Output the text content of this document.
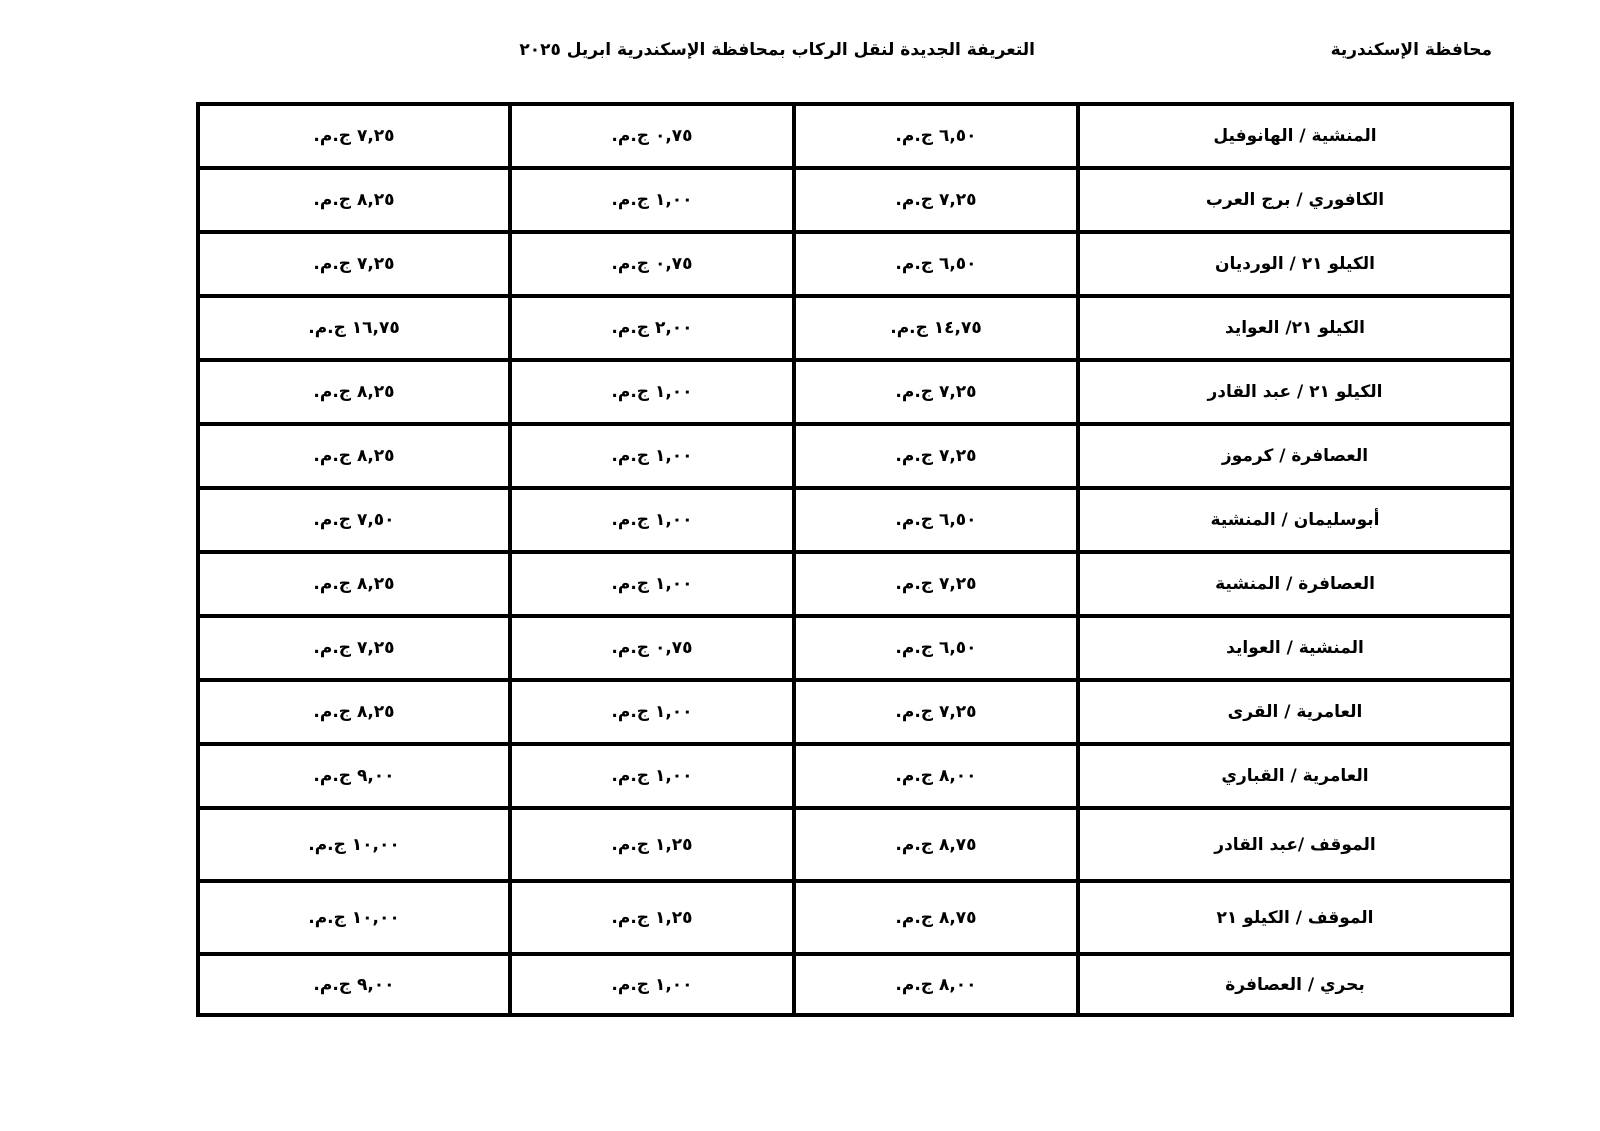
محافظة الإسكندرية
التعريفة الجديدة لنقل الركاب بمحافظة الإسكندرية ابريل ٢٠٢٥
المنشية / الهانوفيل	٦,٥٠ ج.م.	٠,٧٥ ج.م.	٧,٢٥ ج.م.
الكافوري / برج العرب	٧,٢٥ ج.م.	١,٠٠ ج.م.	٨,٢٥ ج.م.
الكيلو ٢١ / الورديان	٦,٥٠ ج.م.	٠,٧٥ ج.م.	٧,٢٥ ج.م.
الكيلو ٢١/ العوايد	١٤,٧٥ ج.م.	٢,٠٠ ج.م.	١٦,٧٥ ج.م.
الكيلو ٢١ / عبد القادر	٧,٢٥ ج.م.	١,٠٠ ج.م.	٨,٢٥ ج.م.
العصافرة / كرموز	٧,٢٥ ج.م.	١,٠٠ ج.م.	٨,٢٥ ج.م.
أبوسليمان / المنشية	٦,٥٠ ج.م.	١,٠٠ ج.م.	٧,٥٠ ج.م.
العصافرة / المنشية	٧,٢٥ ج.م.	١,٠٠ ج.م.	٨,٢٥ ج.م.
المنشية / العوايد	٦,٥٠ ج.م.	٠,٧٥ ج.م.	٧,٢٥ ج.م.
العامرية / القرى	٧,٢٥ ج.م.	١,٠٠ ج.م.	٨,٢٥ ج.م.
العامرية / القباري	٨,٠٠ ج.م.	١,٠٠ ج.م.	٩,٠٠ ج.م.
الموقف /عبد القادر	٨,٧٥ ج.م.	١,٢٥ ج.م.	١٠,٠٠ ج.م.
الموقف / الكيلو ٢١	٨,٧٥ ج.م.	١,٢٥ ج.م.	١٠,٠٠ ج.م.
بحري / العصافرة	٨,٠٠ ج.م.	١,٠٠ ج.م.	٩,٠٠ ج.م.
